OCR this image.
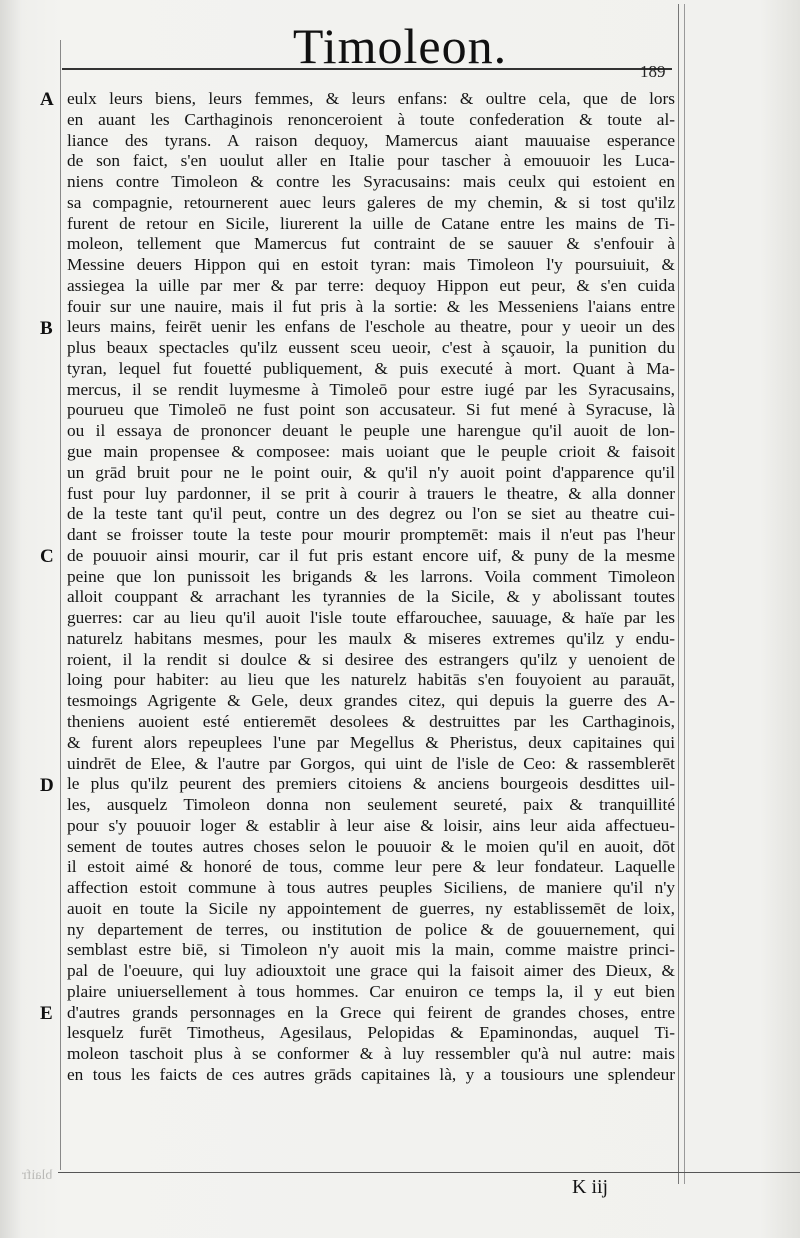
Timoleon.	189
A
B
C
D
E
eulx leurs biens, leurs femmes, & leurs enfans: & oultre cela, que de lors
en auant les Carthaginois renonceroient à toute confederation & toute al-
liance des tyrans. A raison dequoy, Mamercus aiant mauuaise esperance
de son faict, s'en uoulut aller en Italie pour tascher à emouuoir les Luca-
niens contre Timoleon & contre les Syracusains: mais ceulx qui estoient en
sa compagnie, retournerent auec leurs galeres de my chemin, & si tost qu'ilz
furent de retour en Sicile, liurerent la uille de Catane entre les mains de Ti-
moleon, tellement que Mamercus fut contraint de se sauuer & s'enfouir à
Messine deuers Hippon qui en estoit tyran: mais Timoleon l'y poursuiuit, &
assiegea la uille par mer & par terre: dequoy Hippon eut peur, & s'en cuida
fouir sur une nauire, mais il fut pris à la sortie: & les Messeniens l'aians entre
leurs mains, feirēt uenir les enfans de l'eschole au theatre, pour y ueoir un des
plus beaux spectacles qu'ilz eussent sceu ueoir, c'est à sçauoir, la punition du
tyran, lequel fut fouetté publiquement, & puis executé à mort. Quant à Ma-
mercus, il se rendit luymesme à Timoleō pour estre iugé par les Syracusains,
pourueu que Timoleō ne fust point son accusateur. Si fut mené à Syracuse, là
ou il essaya de prononcer deuant le peuple une harengue qu'il auoit de lon-
gue main propensee & composee: mais uoiant que le peuple crioit & faisoit
un grād bruit pour ne le point ouir, & qu'il n'y auoit point d'apparence qu'il
fust pour luy pardonner, il se prit à courir à trauers le theatre, & alla donner
de la teste tant qu'il peut, contre un des degrez ou l'on se siet au theatre cui-
dant se froisser toute la teste pour mourir promptemēt: mais il n'eut pas l'heur
de pouuoir ainsi mourir, car il fut pris estant encore uif, & puny de la mesme
peine que lon punissoit les brigands & les larrons. Voila comment Timoleon
alloit couppant & arrachant les tyrannies de la Sicile, & y abolissant toutes
guerres: car au lieu qu'il auoit l'isle toute effarouchee, sauuage, & haïe par les
naturelz habitans mesmes, pour les maulx & miseres extremes qu'ilz y endu-
roient, il la rendit si doulce & si desiree des estrangers qu'ilz y uenoient de
loing pour habiter: au lieu que les naturelz habitās s'en fouyoient au parauāt,
tesmoings Agrigente & Gele, deux grandes citez, qui depuis la guerre des A-
theniens auoient esté entieremēt desolees & destruittes par les Carthaginois,
& furent alors repeuplees l'une par Megellus & Pheristus, deux capitaines qui
uindrēt de Elee, & l'autre par Gorgos, qui uint de l'isle de Ceo: & rassemblerēt
le plus qu'ilz peurent des premiers citoiens & anciens bourgeois desdittes uil-
les, ausquelz Timoleon donna non seulement seureté, paix & tranquillité
pour s'y pouuoir loger & establir à leur aise & loisir, ains leur aida affectueu-
sement de toutes autres choses selon le pouuoir & le moien qu'il en auoit, dōt
il estoit aimé & honoré de tous, comme leur pere & leur fondateur. Laquelle
affection estoit commune à tous autres peuples Siciliens, de maniere qu'il n'y
auoit en toute la Sicile ny appointement de guerres, ny establissemēt de loix,
ny departement de terres, ou institution de police & de gouuernement, qui
semblast estre biē, si Timoleon n'y auoit mis la main, comme maistre princi-
pal de l'oeuure, qui luy adiouxtoit une grace qui la faisoit aimer des Dieux, &
plaire uniuersellement à tous hommes. Car enuiron ce temps la, il y eut bien
d'autres grands personnages en la Grece qui feirent de grandes choses, entre
lesquelz furēt Timotheus, Agesilaus, Pelopidas & Epaminondas, auquel Ti-
moleon taschoit plus à se conformer & à luy ressembler qu'à nul autre: mais
en tous les faicts de ces autres grāds capitaines là, y a tousiours une splendeur
K iij
blaifr
